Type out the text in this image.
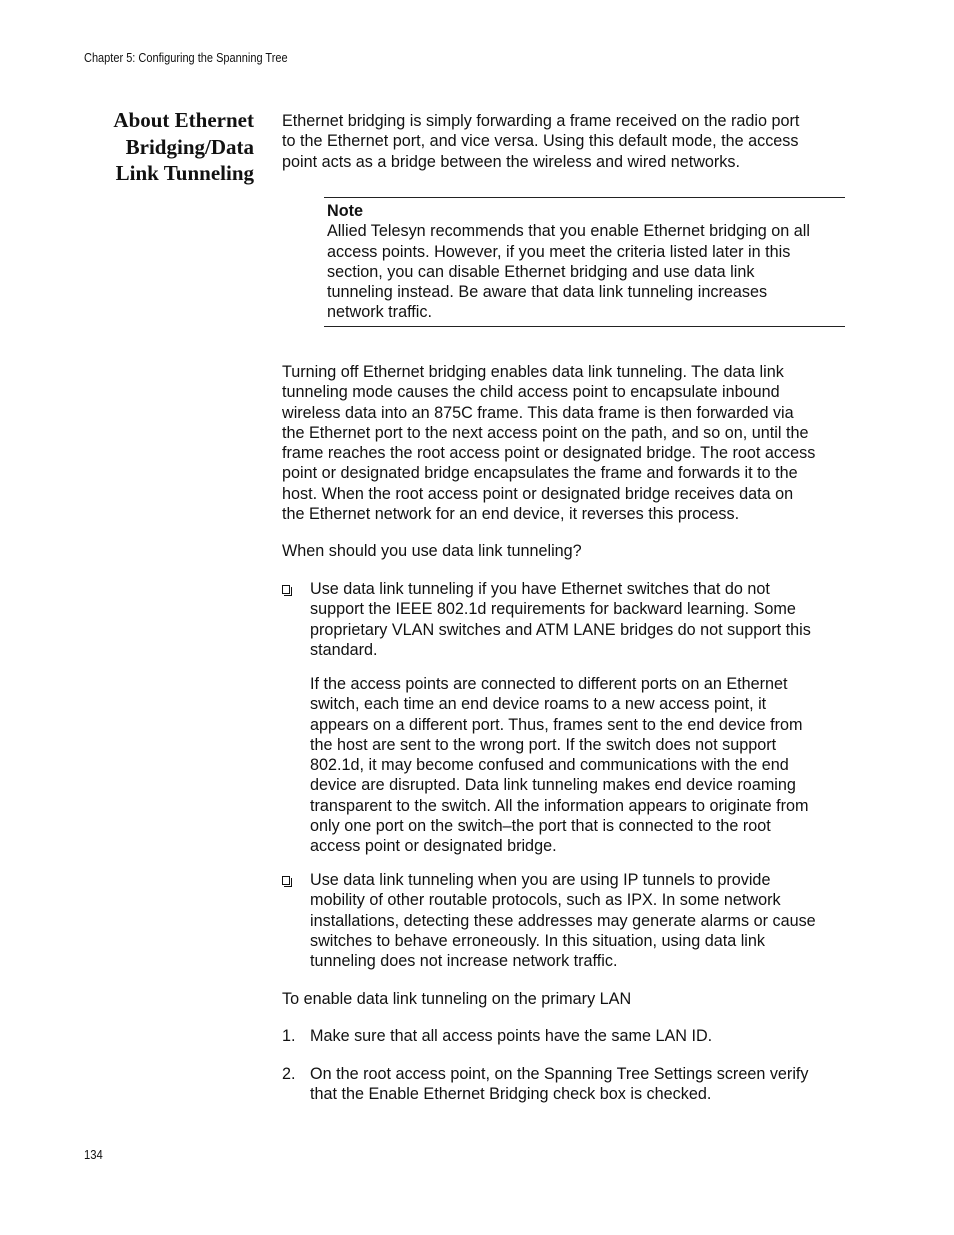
Chapter 5: Configuring the Spanning Tree
About Ethernet
Bridging/Data
Link Tunneling
Ethernet bridging is simply forwarding a frame received on the radio port
to the Ethernet port, and vice versa. Using this default mode, the access
point acts as a bridge between the wireless and wired networks.
Note
Allied Telesyn recommends that you enable Ethernet bridging on all
access points. However, if you meet the criteria listed later in this
section, you can disable Ethernet bridging and use data link
tunneling instead. Be aware that data link tunneling increases
network traffic.
Turning off Ethernet bridging enables data link tunneling. The data link
tunneling mode causes the child access point to encapsulate inbound
wireless data into an 875C frame. This data frame is then forwarded via
the Ethernet port to the next access point on the path, and so on, until the
frame reaches the root access point or designated bridge. The root access
point or designated bridge encapsulates the frame and forwards it to the
host. When the root access point or designated bridge receives data on
the Ethernet network for an end device, it reverses this process.
When should you use data link tunneling?
Use data link tunneling if you have Ethernet switches that do not
support the IEEE 802.1d requirements for backward learning. Some
proprietary VLAN switches and ATM LANE bridges do not support this
standard.
If the access points are connected to different ports on an Ethernet
switch, each time an end device roams to a new access point, it
appears on a different port. Thus, frames sent to the end device from
the host are sent to the wrong port. If the switch does not support
802.1d, it may become confused and communications with the end
device are disrupted. Data link tunneling makes end device roaming
transparent to the switch. All the information appears to originate from
only one port on the switch–the port that is connected to the root
access point or designated bridge.
Use data link tunneling when you are using IP tunnels to provide
mobility of other routable protocols, such as IPX. In some network
installations, detecting these addresses may generate alarms or cause
switches to behave erroneously. In this situation, using data link
tunneling does not increase network traffic.
To enable data link tunneling on the primary LAN
1. Make sure that all access points have the same LAN ID.
2. On the root access point, on the Spanning Tree Settings screen verify
that the Enable Ethernet Bridging check box is checked.
134
